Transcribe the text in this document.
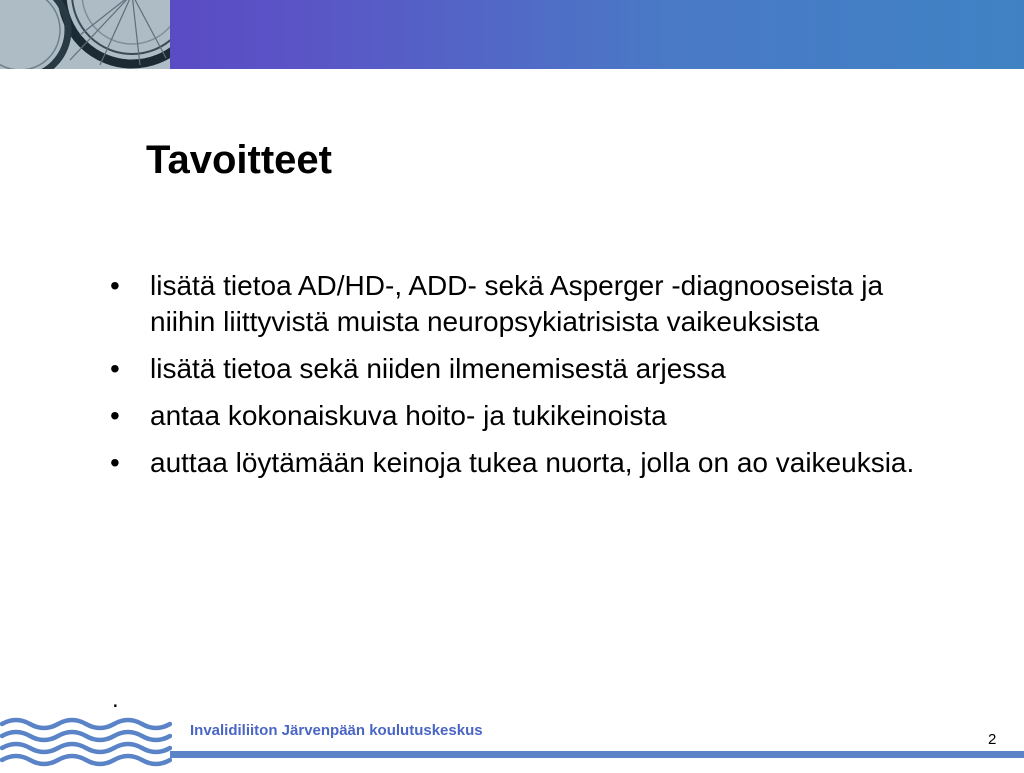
Tavoitteet
• lisätä tietoa AD/HD-, ADD- sekä Asperger -diagnooseista ja niihin liittyvistä muista neuropsykiatrisista vaikeuksista
• lisätä tietoa sekä niiden ilmenemisestä arjessa
• antaa kokonaiskuva hoito- ja tukikeinoista
• auttaa löytämään keinoja tukea nuorta, jolla on ao vaikeuksia.
.
Invalidiliiton Järvenpään koulutuskeskus
2
